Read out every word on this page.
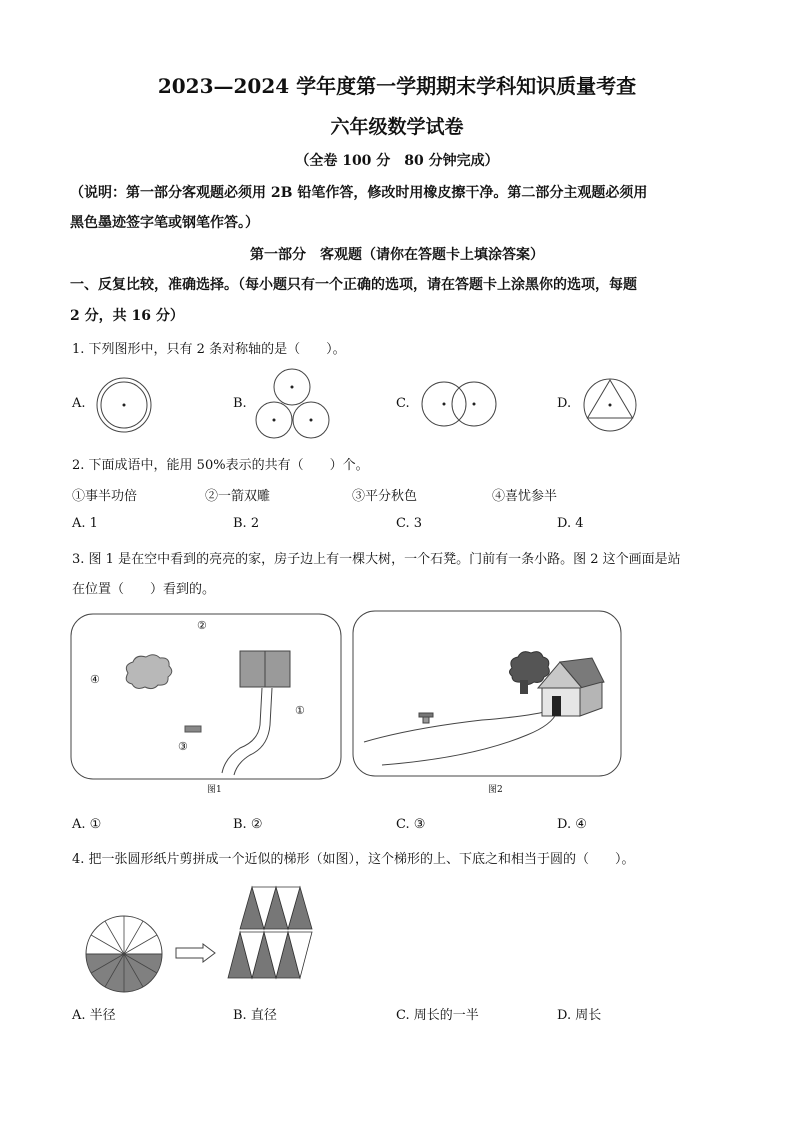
2023—2024 学年度第一学期期末学科知识质量考查
六年级数学试卷
（全卷 100 分　80 分钟完成）
（说明：第一部分客观题必须用 2B 铅笔作答，修改时用橡皮擦干净。第二部分主观题必须用
黑色墨迹签字笔或钢笔作答。）
第一部分　客观题（请你在答题卡上填涂答案）
一、反复比较，准确选择。（每小题只有一个正确的选项，请在答题卡上涂黑你的选项，每题
2 分，共 16 分）
1. 下列图形中，只有 2 条对称轴的是（　　）。
A.	B.	C.	D.
2. 下面成语中，能用 50%表示的共有（　　）个。
①事半功倍	②一箭双雕	③平分秋色	④喜忧参半
A. 1	B. 2	C. 3	D. 4
3. 图 1 是在空中看到的亮亮的家，房子边上有一棵大树，一个石凳。门前有一条小路。图 2 这个画面是站
在位置（　　）看到的。
②
④
①
③
图1	图2
A. ①	B. ②	C. ③	D. ④
4. 把一张圆形纸片剪拼成一个近似的梯形（如图），这个梯形的上、下底之和相当于圆的（　　）。
A. 半径	B. 直径	C. 周长的一半	D. 周长
